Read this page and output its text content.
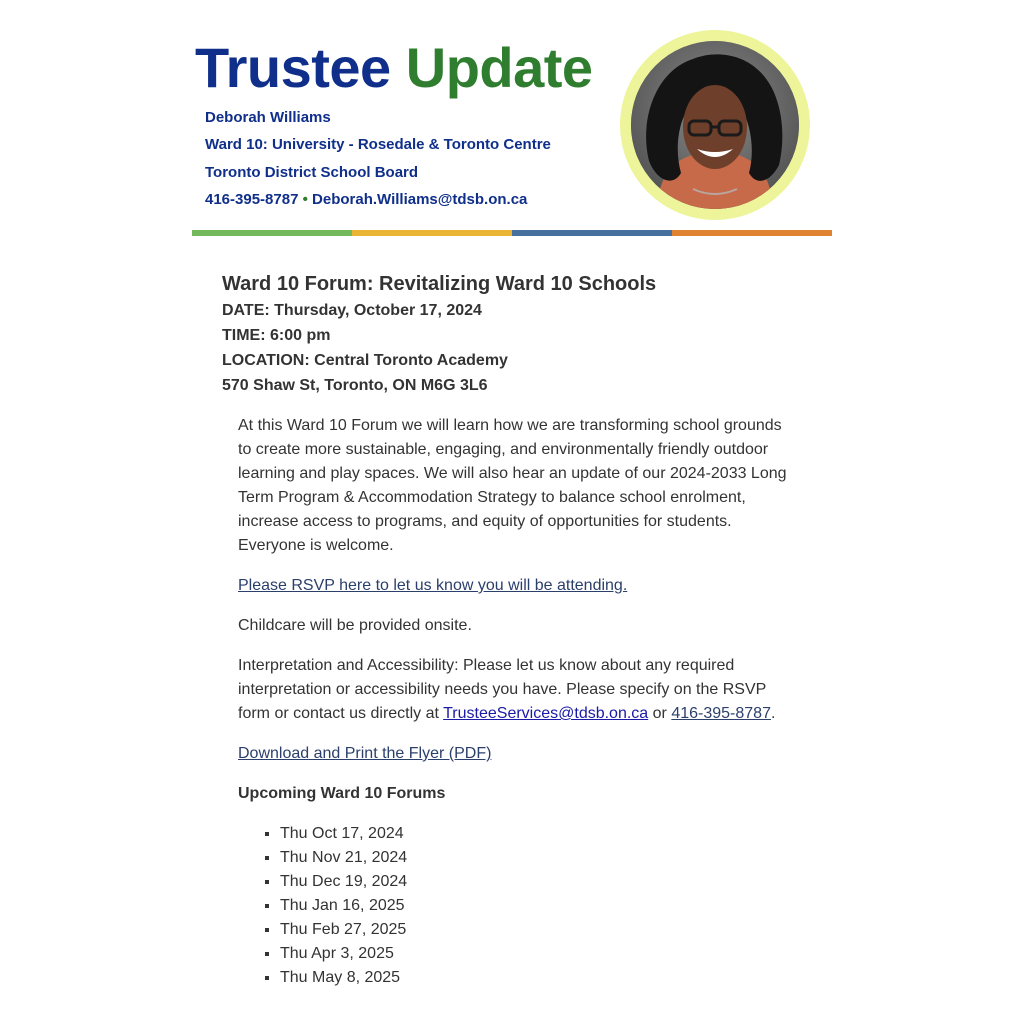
Trustee Update
Deborah Williams
Ward 10: University - Rosedale & Toronto Centre
Toronto District School Board
416-395-8787 • Deborah.Williams@tdsb.on.ca
Ward 10 Forum: Revitalizing Ward 10 Schools
DATE: Thursday, October 17, 2024
TIME: 6:00 pm
LOCATION: Central Toronto Academy
570 Shaw St, Toronto, ON M6G 3L6

At this Ward 10 Forum we will learn how we are transforming school grounds to create more sustainable, engaging, and environmentally friendly outdoor learning and play spaces. We will also hear an update of our 2024-2033 Long Term Program & Accommodation Strategy to balance school enrolment, increase access to programs, and equity of opportunities for students. Everyone is welcome.

Please RSVP here to let us know you will be attending.

Childcare will be provided onsite.

Interpretation and Accessibility: Please let us know about any required interpretation or accessibility needs you have. Please specify on the RSVP form or contact us directly at TrusteeServices@tdsb.on.ca or 416-395-8787.

Download and Print the Flyer (PDF)

Upcoming Ward 10 Forums
▪ Thu Oct 17, 2024
▪ Thu Nov 21, 2024
▪ Thu Dec 19, 2024
▪ Thu Jan 16, 2025
▪ Thu Feb 27, 2025
▪ Thu Apr 3, 2025
▪ Thu May 8, 2025
